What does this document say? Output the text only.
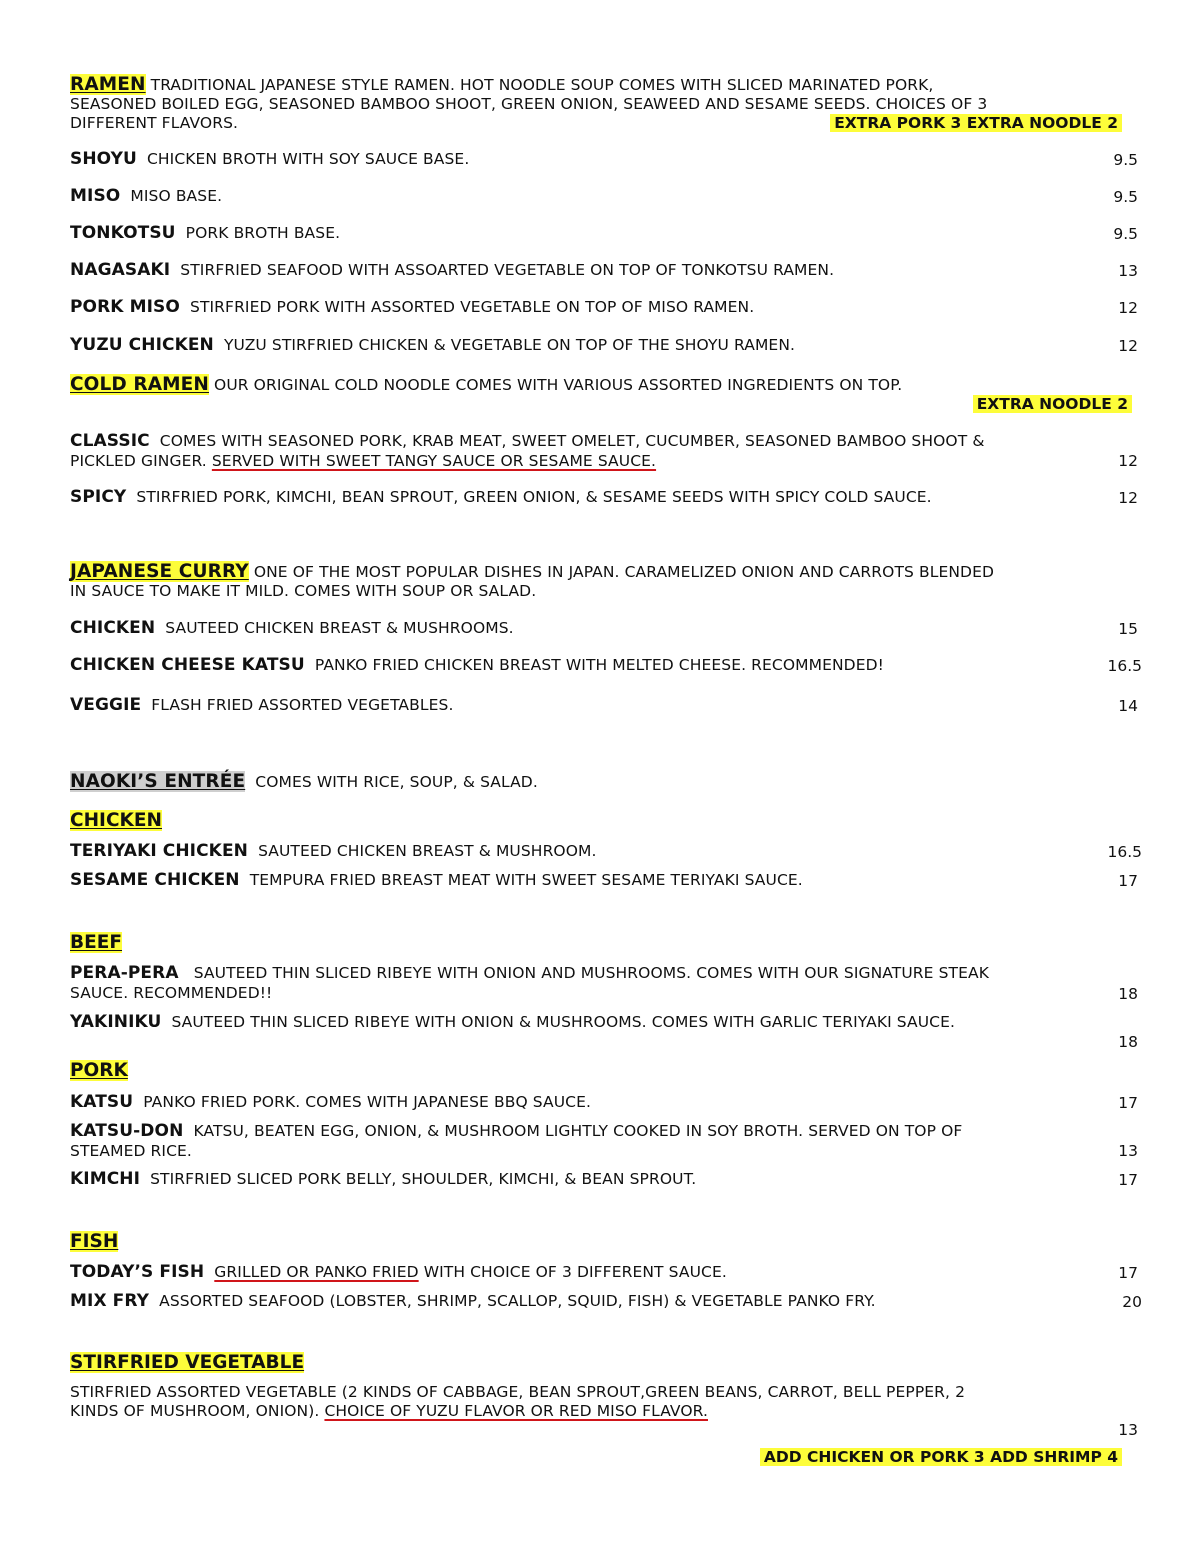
RAMEN TRADITIONAL JAPANESE STYLE RAMEN. HOT NOODLE SOUP COMES WITH SLICED MARINATED PORK,
SEASONED BOILED EGG, SEASONED BAMBOO SHOOT, GREEN ONION, SEAWEED AND SESAME SEEDS. CHOICES OF 3
DIFFERENT FLAVORS.	EXTRA PORK 3 EXTRA NOODLE 2
SHOYU CHICKEN BROTH WITH SOY SAUCE BASE.	9.5
MISO MISO BASE.	9.5
TONKOTSU PORK BROTH BASE.	9.5
NAGASAKI STIRFRIED SEAFOOD WITH ASSOARTED VEGETABLE ON TOP OF TONKOTSU RAMEN.	13
PORK MISO STIRFRIED PORK WITH ASSORTED VEGETABLE ON TOP OF MISO RAMEN.	12
YUZU CHICKEN YUZU STIRFRIED CHICKEN & VEGETABLE ON TOP OF THE SHOYU RAMEN.	12
COLD RAMEN OUR ORIGINAL COLD NOODLE COMES WITH VARIOUS ASSORTED INGREDIENTS ON TOP.
EXTRA NOODLE 2
CLASSIC COMES WITH SEASONED PORK, KRAB MEAT, SWEET OMELET, CUCUMBER, SEASONED BAMBOO SHOOT &
PICKLED GINGER. SERVED WITH SWEET TANGY SAUCE OR SESAME SAUCE.	12
SPICY STIRFRIED PORK, KIMCHI, BEAN SPROUT, GREEN ONION, & SESAME SEEDS WITH SPICY COLD SAUCE.	12
JAPANESE CURRY ONE OF THE MOST POPULAR DISHES IN JAPAN. CARAMELIZED ONION AND CARROTS BLENDED
IN SAUCE TO MAKE IT MILD. COMES WITH SOUP OR SALAD.
CHICKEN SAUTEED CHICKEN BREAST & MUSHROOMS.	15
CHICKEN CHEESE KATSU PANKO FRIED CHICKEN BREAST WITH MELTED CHEESE. RECOMMENDED!	16.5
VEGGIE FLASH FRIED ASSORTED VEGETABLES.	14
NAOKI’S ENTRÉE COMES WITH RICE, SOUP, & SALAD.
CHICKEN
TERIYAKI CHICKEN SAUTEED CHICKEN BREAST & MUSHROOM.	16.5
SESAME CHICKEN TEMPURA FRIED BREAST MEAT WITH SWEET SESAME TERIYAKI SAUCE.	17
BEEF
PERA-PERA SAUTEED THIN SLICED RIBEYE WITH ONION AND MUSHROOMS. COMES WITH OUR SIGNATURE STEAK
SAUCE. RECOMMENDED!!	18
YAKINIKU SAUTEED THIN SLICED RIBEYE WITH ONION & MUSHROOMS. COMES WITH GARLIC TERIYAKI SAUCE.
18
PORK
KATSU PANKO FRIED PORK. COMES WITH JAPANESE BBQ SAUCE.	17
KATSU-DON KATSU, BEATEN EGG, ONION, & MUSHROOM LIGHTLY COOKED IN SOY BROTH. SERVED ON TOP OF
STEAMED RICE.	13
KIMCHI STIRFRIED SLICED PORK BELLY, SHOULDER, KIMCHI, & BEAN SPROUT.	17
FISH
TODAY’S FISH GRILLED OR PANKO FRIED WITH CHOICE OF 3 DIFFERENT SAUCE.	17
MIX FRY ASSORTED SEAFOOD (LOBSTER, SHRIMP, SCALLOP, SQUID, FISH) & VEGETABLE PANKO FRY.	20
STIRFRIED VEGETABLE
STIRFRIED ASSORTED VEGETABLE (2 KINDS OF CABBAGE, BEAN SPROUT,GREEN BEANS, CARROT, BELL PEPPER, 2
KINDS OF MUSHROOM, ONION). CHOICE OF YUZU FLAVOR OR RED MISO FLAVOR.
13
ADD CHICKEN OR PORK 3 ADD SHRIMP 4
